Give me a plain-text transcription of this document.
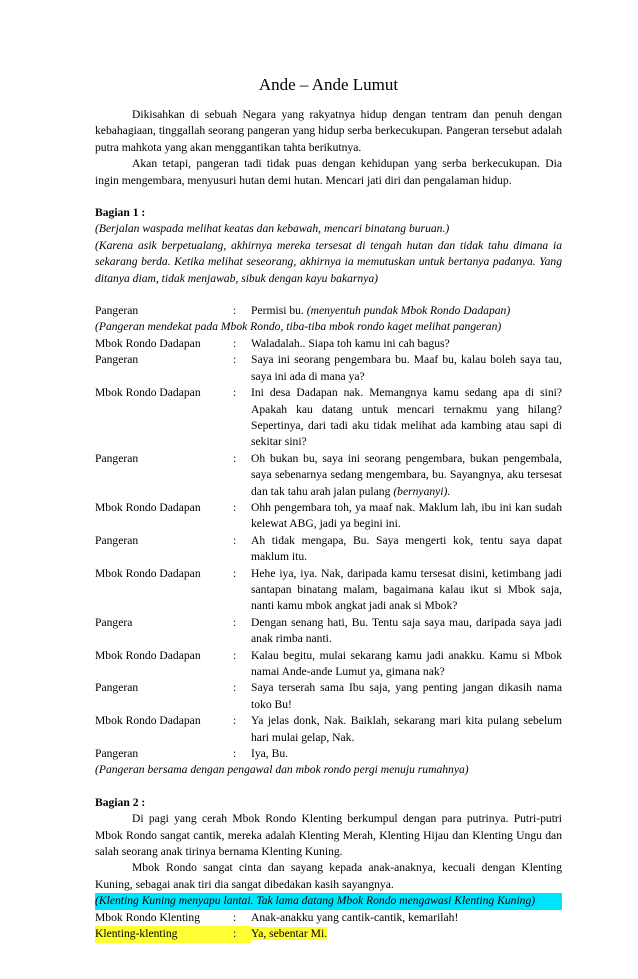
Ande – Ande Lumut

Dikisahkan di sebuah Negara yang rakyatnya hidup dengan tentram dan penuh dengan kebahagiaan, tinggallah seorang pangeran yang hidup serba berkecukupan. Pangeran tersebut adalah putra mahkota yang akan menggantikan tahta berikutnya.

Akan tetapi, pangeran tadi tidak puas dengan kehidupan yang serba berkecukupan. Dia ingin mengembara, menyusuri hutan demi hutan. Mencari jati diri dan pengalaman hidup.

Bagian 1 :

(Berjalan waspada melihat keatas dan kebawah, mencari binatang buruan.)

(Karena asik berpetualang, akhirnya mereka tersesat di tengah hutan dan tidak tahu dimana ia sekarang berda. Ketika melihat seseorang, akhirnya ia memutuskan untuk bertanya padanya. Yang ditanya diam, tidak menjawab, sibuk dengan kayu bakarnya)

Pangeran	:	Permisi bu. (menyentuh pundak Mbok Rondo Dadapan)

(Pangeran mendekat pada Mbok Rondo, tiba-tiba mbok rondo kaget melihat pangeran)

Mbok Rondo Dadapan	:	Waladalah.. Siapa toh kamu ini cah bagus?
Pangeran	:	Saya ini seorang pengembara bu. Maaf bu, kalau boleh saya tau, saya ini ada di mana ya?
Mbok Rondo Dadapan	:	Ini desa Dadapan nak. Memangnya kamu sedang apa di sini? Apakah kau datang untuk mencari ternakmu yang hilang? Sepertinya, dari tadi aku tidak melihat ada kambing atau sapi di sekitar sini?
Pangeran	:	Oh bukan bu, saya ini seorang pengembara, bukan pengembala, saya sebenarnya sedang mengembara, bu. Sayangnya, aku tersesat dan tak tahu arah jalan pulang (bernyanyi).
Mbok Rondo Dadapan	:	Ohh pengembara toh, ya maaf nak. Maklum lah, ibu ini kan sudah kelewat ABG, jadi ya begini ini.
Pangeran	:	Ah tidak mengapa, Bu. Saya mengerti kok, tentu saya dapat maklum itu.
Mbok Rondo Dadapan	:	Hehe iya, iya. Nak, daripada kamu tersesat disini, ketimbang jadi santapan binatang malam, bagaimana kalau ikut si Mbok saja, nanti kamu mbok angkat jadi anak si Mbok?
Pangera	:	Dengan senang hati, Bu. Tentu saja saya mau, daripada saya jadi anak rimba nanti.
Mbok Rondo Dadapan	:	Kalau begitu, mulai sekarang kamu jadi anakku. Kamu si Mbok namai Ande-ande Lumut ya, gimana nak?
Pangeran	:	Saya terserah sama Ibu saja, yang penting jangan dikasih nama toko Bu!
Mbok Rondo Dadapan	:	Ya jelas donk, Nak. Baiklah, sekarang mari kita pulang sebelum hari mulai gelap, Nak.
Pangeran	:	Iya, Bu.

(Pangeran bersama dengan pengawal dan mbok rondo pergi menuju rumahnya)

Bagian 2 :

Di pagi yang cerah Mbok Rondo Klenting berkumpul dengan para putrinya. Putri-putri Mbok Rondo sangat cantik, mereka adalah Klenting Merah, Klenting Hijau dan Klenting Ungu dan salah seorang anak tirinya bernama Klenting Kuning.

Mbok Rondo sangat cinta dan sayang kepada anak-anaknya, kecuali dengan Klenting Kuning, sebagai anak tiri dia sangat dibedakan kasih sayangnya.

(Klenting Kuning menyapu lantai. Tak lama datang Mbok Rondo mengawasi Klenting Kuning)

Mbok Rondo Klenting	:	Anak-anakku yang cantik-cantik, kemarilah!
Klenting-klenting	:	Ya, sebentar Mi.
